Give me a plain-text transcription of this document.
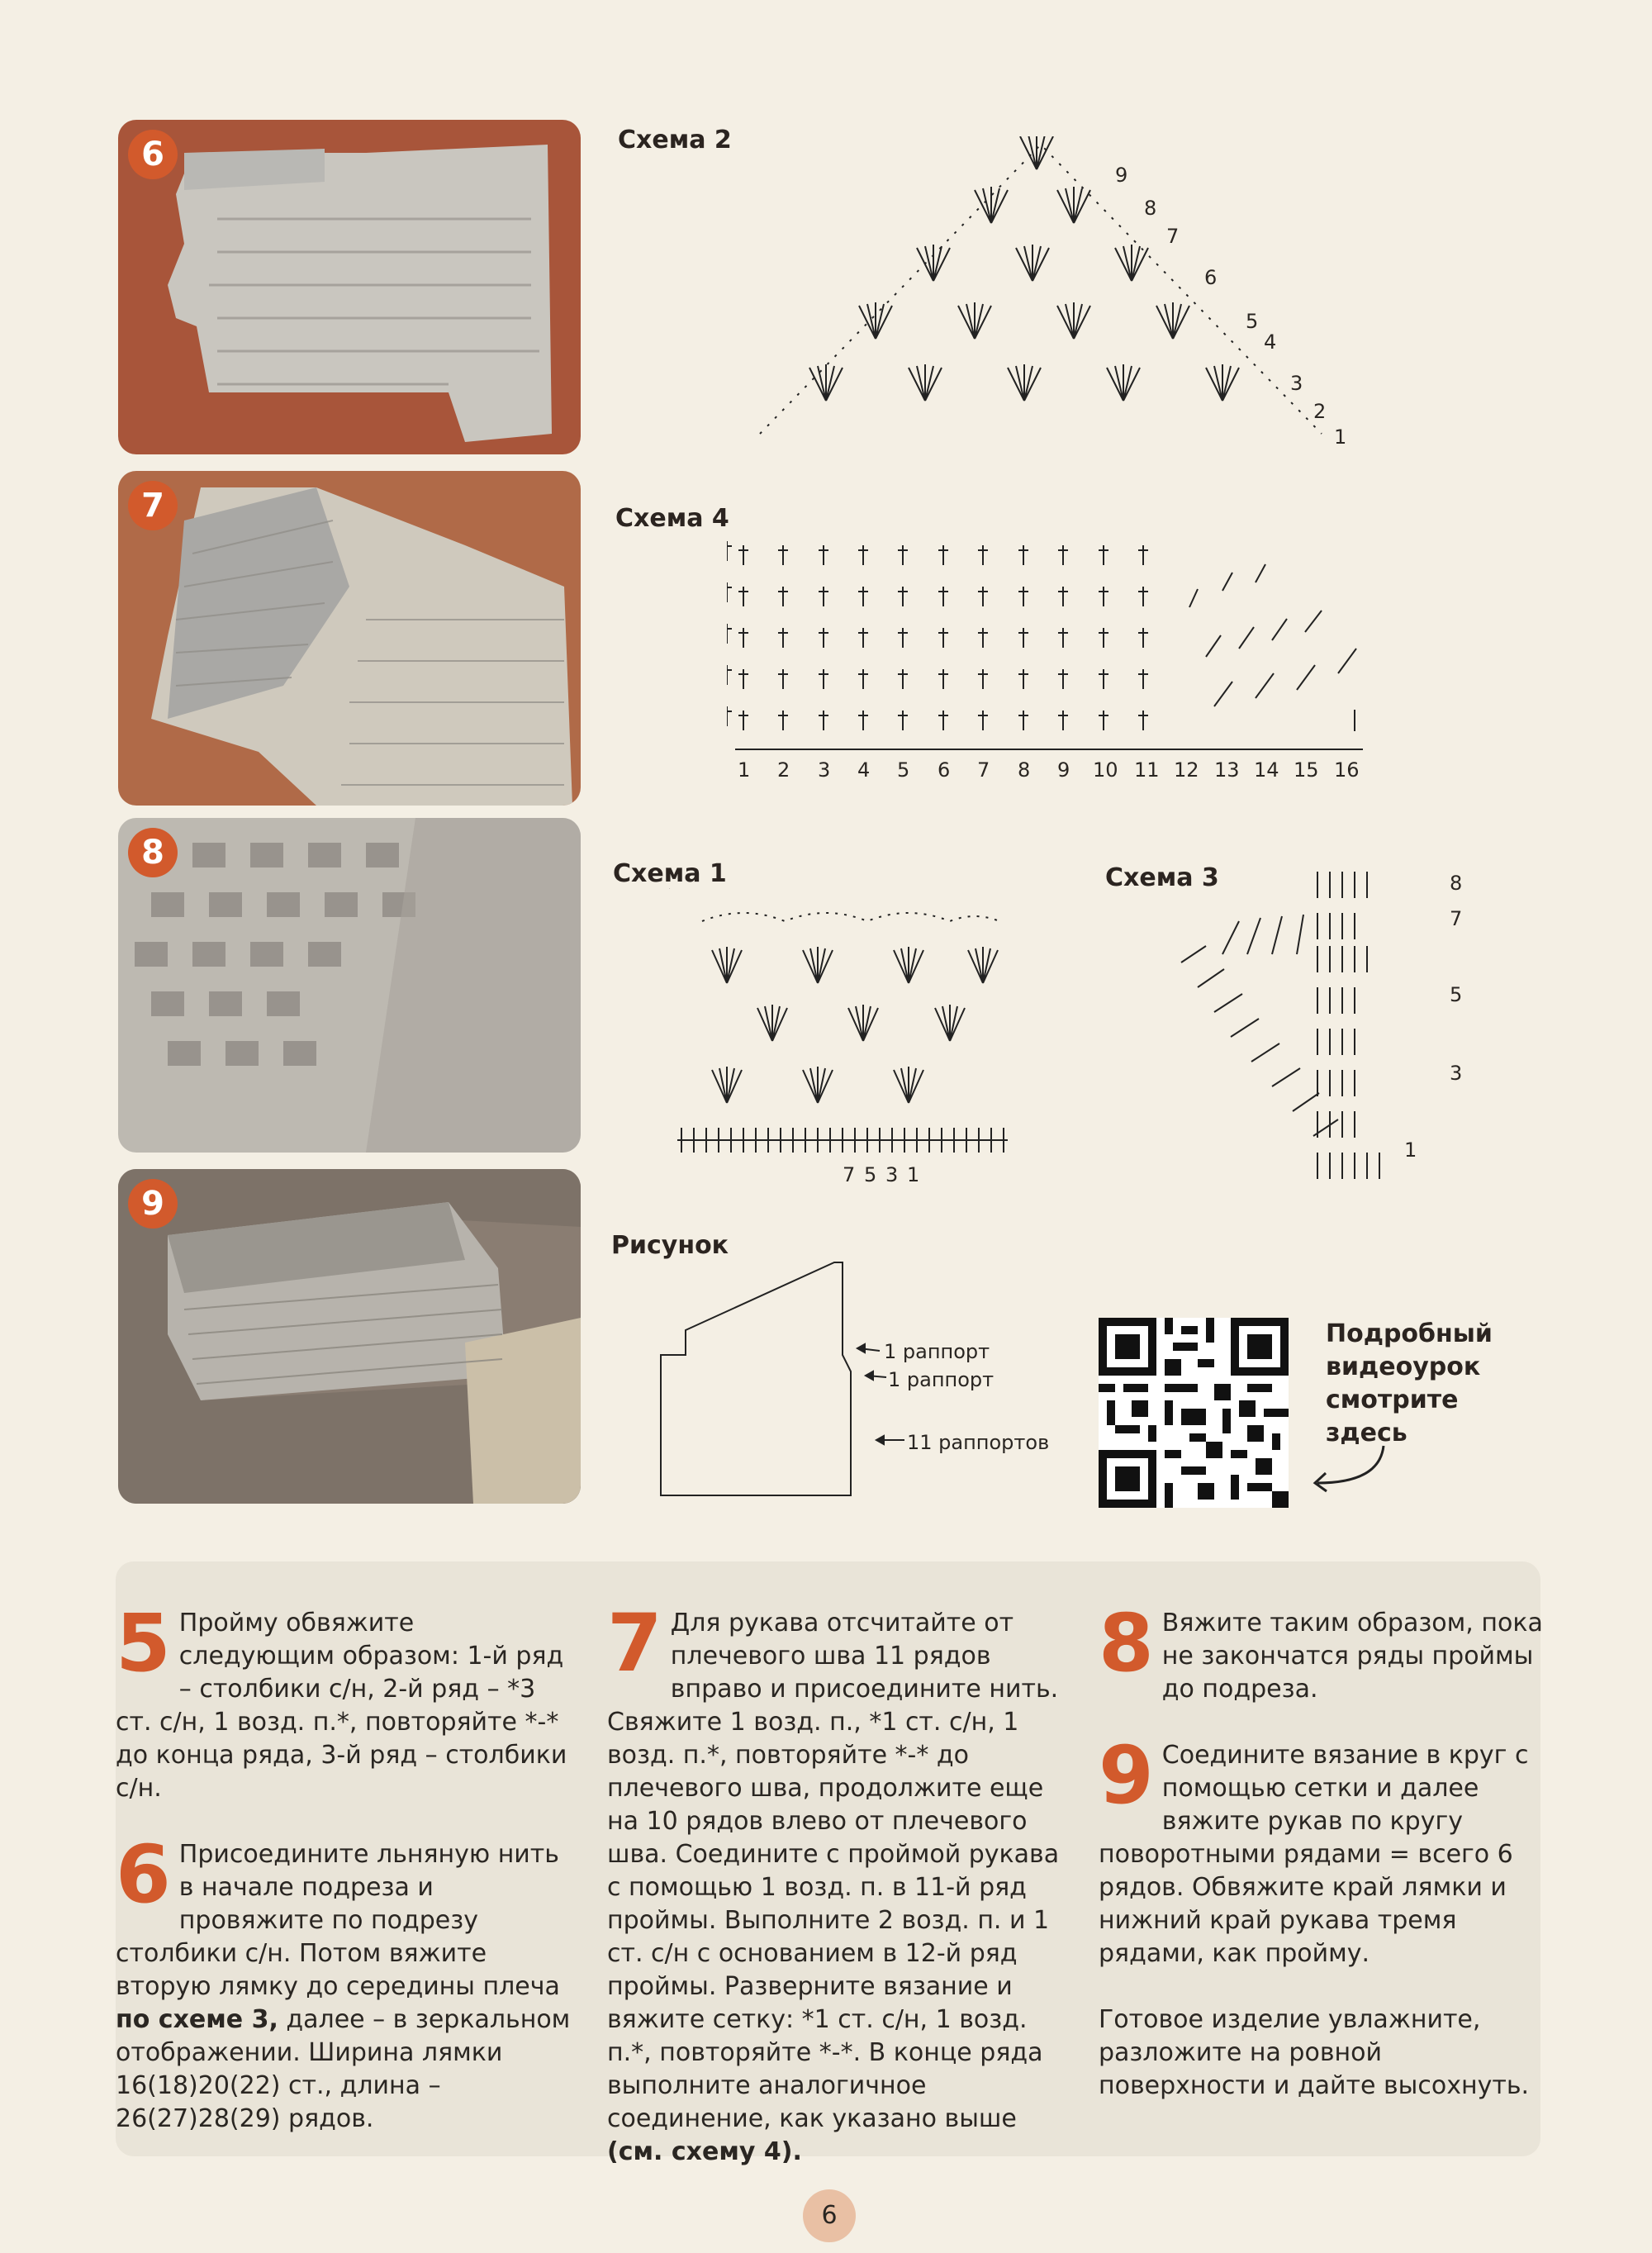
6
7
8
9
Схема 2
Схема 4
Схема 1	Схема 3
Рисунок
9
8
7
6
5
4
3
2
1
1 2 3 4 5 6 7 8 9 10 11 12 13 14 15 16
7 5 3 1
8
7
5
3
1
1 раппорт
1 раппорт
11 раппортов
Подробный
видеоурок
смотрите
здесь
5 Пройму обвяжите следующим образом: 1-й ряд – столбики с/н, 2-й ряд – *3 ст. с/н, 1 возд. п.*, повторяйте *-* до конца ряда, 3-й ряд – столбики с/н.

6 Присоедините льняную нить в начале подреза и провяжите по подрезу столбики с/н. Потом вяжите вторую лямку до середины плеча по схеме 3, далее – в зеркальном отображении. Ширина лямки 16(18)20(22) ст., длина – 26(27)28(29) рядов.

7 Для рукава отсчитайте от плечевого шва 11 рядов вправо и присоедините нить. Свяжите 1 возд. п., *1 ст. с/н, 1 возд. п.*, повторяйте *-* до плечевого шва, продолжите еще на 10 рядов влево от плечевого шва. Соедините с проймой рукава с помощью 1 возд. п. в 11-й ряд проймы. Выполните 2 возд. п. и 1 ст. с/н с основанием в 12-й ряд проймы. Разверните вязание и вяжите сетку: *1 ст. с/н, 1 возд. п.*, повторяйте *-*. В конце ряда выполните аналогичное соединение, как указано выше (см. схему 4).

8 Вяжите таким образом, пока не закончатся ряды проймы до подреза.

9 Соедините вязание в круг с помощью сетки и далее вяжите рукав по кругу поворотными рядами = всего 6 рядов. Обвяжите край лямки и нижний край рукава тремя рядами, как пройму.

Готовое изделие увлажните, разложите на ровной поверхности и дайте высохнуть.

6
